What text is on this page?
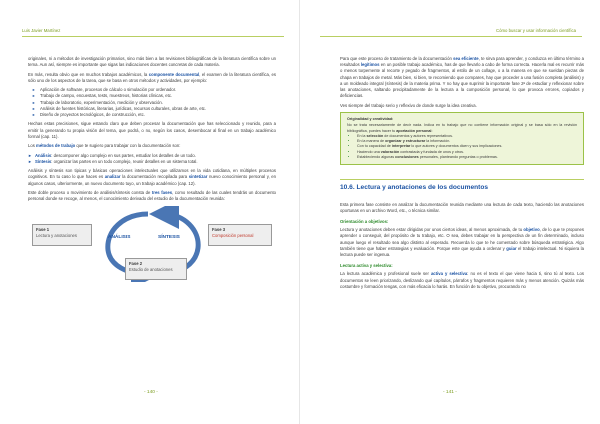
Luis Javier Martínez	Cómo buscar y usar información científica

originales, ni a métodos de investigación primarios, sino más bien a las revisiones bibliográficas de la literatura científica sobre un tema. Aun así, siempre es importante que sigas las indicaciones docentes concretas de cada materia.

En más, resulta obvio que en muchos trabajos académicos, la componente documental, el examen de la literatura científica, es sólo uno de los aspectos de la tarea, que se basa en otros métodos y actividades, por ejemplo:

► Aplicación de software, procesos de cálculo o simulación por ordenador.
► Trabajo de campo, encuestas, tests, muestreos, historias clínicas, etc.
► Trabajo de laboratorio, experimentación, medición y observación.
► Análisis de fuentes históricas, literarias, jurídicas, recursos culturales, obras de arte, etc.
► Diseño de proyectos tecnológicos, de construcción, etc.

Hechas estas precisiones, sigue estando claro que deben procesar la documentación que has seleccionado y reunido, para a emitir la generando tu propia visión del tema, que podrá, o no, según los casos, desembocar al final en un trabajo académico formal (cap. 11).

Los métodos de trabajo que te sugiero para trabajar con la documentación son:

► Análisis: descomponer algo complejo en sus partes, estudiar los detalles de un todo.
► Síntesis: organizar las partes en un todo complejo, reunir detalles en un sistema total.

Análisis y síntesis son tipicas y básicas operaciones intelectuales que utilizamos en la vida cotidiana, en múltiples procesos cognitivos. En tu caso lo que haces es analizar la documentación recopilada para sintetizar nuevo conocimiento personal y, en algunos casos, ulteriormente, un nuevo documento tuyo, un trabajo académico (cap. 12).

Este doble proceso o movimiento de análisis/síntesis consta de tres fases, como resultado de las cuales tendrás un documento personal donde se recoge, al menos, el conocimiento derivado del estudio de la documentación reunida:

Fase 1
Lectura y anotaciones	ANÁLISIS	SÍNTESIS
Fase 3
Composición personal
Fase 2
Estudio de anotaciones
- 140 -

Para que este proceso de tratamiento de la documentación sea eficiente, te sirva para aprender, y conduzca en último término a resultados legítimos en un posible trabajo académico, has de que llevarlo a cabo de forma correcta. Hacerla mal es recurrir más o menos torpemente al recorte y pegado de fragmentos, al estilo de un collage, o a la manera en que se sueldan piezas de chapa en trabajos de metal. Más bien, si bien, te recomiendo que compares, hay que proceder a una fusión completa (análisis) y a un moldeado integral (síntesis) de la materia prima. Y no hay que suprimir la importante fase 2ª de estudiar y reflexionar sobre las anotaciones, saltando precipitadamente de la lectura a la composición personal, lo que provoca errores, copiados y deficiencias.

Ves siempre del trabajo serio y reflexivo de donde surge la idea creativa.

Originalidad y creatividad:
No se trata necesariamente de decir nada. Indica en tu trabajo que no contiene información original y se basa sólo en la revisión bibliográfica, puedes hacer tu aportación personal:
• En la selección de documentos y autores representativos.
• En la manera de organizar y estructurar la información.
• Con tu capacidad de interpretar lo que autores y documentos dicen y sus implicaciones.
• Haciendo una valoración contrastada y fundada de unos y otros.
• Estableciendo algunas conclusiones personales, planteando preguntas o problemas.
10.6. Lectura y anotaciones de los documentos

Esta primera fase consiste en analizar la documentación reunida mediante una lectura de cada texto, haciendo las anotaciones oportunas en un archivo Word, etc., o técnica similar.

Orientación a objetivos:

Lectura y anotaciones deben estar dirigidas por unos ciertos ideas, al menos aproximada, de tu objetivo, de lo que te propones aprender o conseguir, del propósito de tu trabajo, etc. O sea, debes trabajar en la perspectiva de un fin determinado, incluso aunque luego el resultado sea algo distinto al esperado. Recuerda lo que te he comentado sobre búsqueda estratégica. Algo también tiene que haber estrategias y evaluación. Porque este que ayuda a ordenar y guiar el trabajo intelectual. Ni siquiera la lectura puede ser ingenua.

Lectura activa y selectiva:

La lectura académica y profesional suele ser activa y selectiva: no es el texto el que viene hacia ti, sino tú al texto. Los documentos se leen priorizando, deslizando qué capítulos, párrafos y fragmentos requieren más y menos atención. Quizás más costumbre y formación tengas, con más eficacia lo harás. En función de tu objetivo, procurando no

- 141 -
